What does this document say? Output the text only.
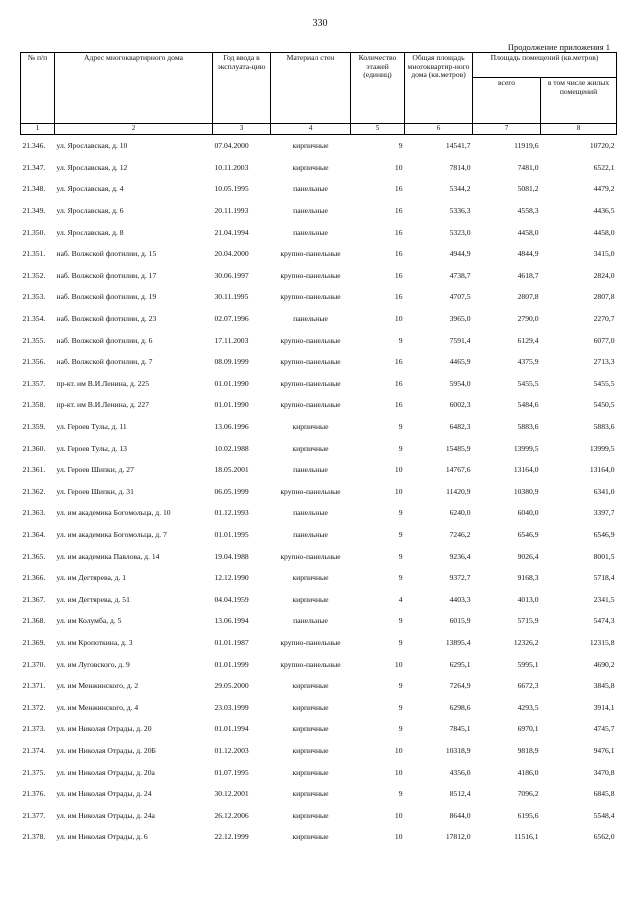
330
Продолжение приложения 1
№ п/п	Адрес многоквартирного дома	Год ввода в эксплуата-цию	Материал стен	Количество этажей (единиц)	Общая площадь многоквартир-ного дома (кв.метров)	Площадь помещений (кв.метров)	
						всего	в том числе жилых помещений
1	2	3	4	5	6	7	8
21.346.	ул. Ярославская, д. 10	07.04.2000	кирпичные	9	14541,7	11919,6	10720,2
21.347.	ул. Ярославская, д. 12	10.11.2003	кирпичные	10	7814,0	7481,0	6522,1
21.348.	ул. Ярославская, д. 4	10.05.1995	панельные	16	5344,2	5081,2	4479,2
21.349.	ул. Ярославская, д. 6	20.11.1993	панельные	16	5336,3	4558,3	4436,5
21.350.	ул. Ярославская, д. 8	21.04.1994	панельные	16	5323,0	4458,0	4458,0
21.351.	наб. Волжской флотилии, д. 15	20.04.2000	крупно-панельные	16	4944,9	4844,9	3415,0
21.352.	наб. Волжской флотилии, д. 17	30.06.1997	крупно-панельные	16	4738,7	4618,7	2824,0
21.353.	наб. Волжской флотилии, д. 19	30.11.1995	крупно-панельные	16	4707,5	2807,8	2807,8
21.354.	наб. Волжской флотилии, д. 23	02.07.1996	панельные	10	3965,0	2790,0	2270,7
21.355.	наб. Волжской флотилии, д. 6	17.11.2003	крупно-панельные	9	7591,4	6129,4	6077,0
21.356.	наб. Волжской флотилии, д. 7	08.09.1999	крупно-панельные	16	4465,9	4375,9	2713,3
21.357.	пр-кт. им В.И.Ленина, д. 225	01.01.1990	крупно-панельные	16	5954,0	5455,5	5455,5
21.358.	пр-кт. им В.И.Ленина, д. 227	01.01.1990	крупно-панельные	16	6002,3	5484,6	5450,5
21.359.	ул. Героев Тулы, д. 11	13.06.1996	кирпичные	9	6482,3	5883,6	5883,6
21.360.	ул. Героев Тулы, д. 13	10.02.1988	кирпичные	9	15485,9	13999,5	13999,5
21.361.	ул. Героев Шипки, д. 27	18.05.2001	панельные	10	14767,6	13164,0	13164,0
21.362.	ул. Героев Шипки, д. 31	06.05.1999	крупно-панельные	10	11420,9	10380,9	6341,0
21.363.	ул. им академика Богомольца, д. 10	01.12.1993	панельные	9	6240,0	6040,0	3397,7
21.364.	ул. им академика Богомольца, д. 7	01.01.1995	панельные	9	7246,2	6546,9	6546,9
21.365.	ул. им академика Павлова, д. 14	19.04.1988	крупно-панельные	9	9236,4	9026,4	8001,5
21.366.	ул. им Дегтярева, д. 1	12.12.1990	кирпичные	9	9372,7	9168,3	5718,4
21.367.	ул. им Дегтярева, д. 51	04.04.1959	кирпичные	4	4403,3	4013,0	2341,5
21.368.	ул. им Колумба, д. 5	13.06.1994	панельные	9	6015,9	5715,9	5474,3
21.369.	ул. им Кропоткина, д. 3	01.01.1987	крупно-панельные	9	13895,4	12326,2	12315,8
21.370.	ул. им Луговского, д. 9	01.01.1999	крупно-панельные	10	6295,1	5995,1	4690,2
21.371.	ул. им Менжинского, д. 2	29.05.2000	кирпичные	9	7264,9	6672,3	3845,8
21.372.	ул. им Менжинского, д. 4	23.03.1999	кирпичные	9	6298,6	4293,5	3914,1
21.373.	ул. им Николая Отрады, д. 20	01.01.1994	кирпичные	9	7845,1	6970,1	4745,7
21.374.	ул. им Николая Отрады, д. 20Б	01.12.2003	кирпичные	10	10318,9	9818,9	9476,1
21.375.	ул. им Николая Отрады, д. 20а	01.07.1995	кирпичные	10	4356,0	4186,0	3470,8
21.376.	ул. им Николая Отрады, д. 24	30.12.2001	кирпичные	9	8512,4	7096,2	6845,8
21.377.	ул. им Николая Отрады, д. 24а	26.12.2006	кирпичные	10	8644,0	6195,6	5548,4
21.378.	ул. им Николая Отрады, д. 6	22.12.1999	кирпичные	10	17812,0	11516,1	6562,0
